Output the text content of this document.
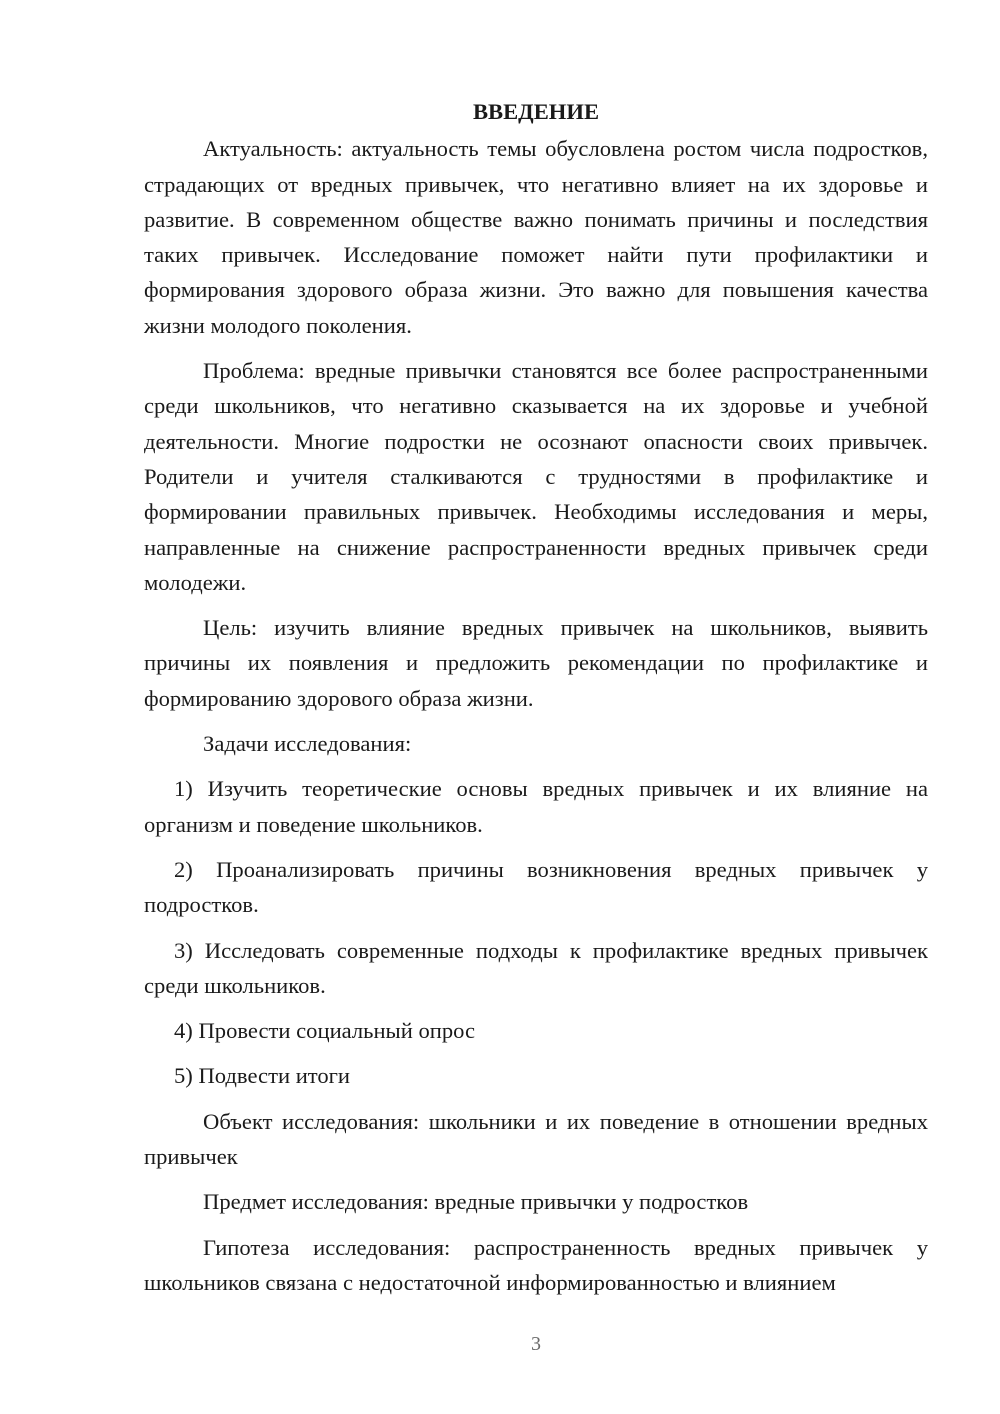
ВВЕДЕНИЕ

Актуальность: актуальность темы обусловлена ростом числа подростков, страдающих от вредных привычек, что негативно влияет на их здоровье и развитие. В современном обществе важно понимать причины и последствия таких привычек. Исследование поможет найти пути профилактики и формирования здорового образа жизни. Это важно для повышения качества жизни молодого поколения.

Проблема: вредные привычки становятся все более распространенными среди школьников, что негативно сказывается на их здоровье и учебной деятельности. Многие подростки не осознают опасности своих привычек. Родители и учителя сталкиваются с трудностями в профилактике и формировании правильных привычек. Необходимы исследования и меры, направленные на снижение распространенности вредных привычек среди молодежи.

Цель: изучить влияние вредных привычек на школьников, выявить причины их появления и предложить рекомендации по профилактике и формированию здорового образа жизни.

Задачи исследования:

1) Изучить теоретические основы вредных привычек и их влияние на организм и поведение школьников.

2) Проанализировать причины возникновения вредных привычек у подростков.

3) Исследовать современные подходы к профилактике вредных привычек среди школьников.

4) Провести социальный опрос

5) Подвести итоги

Объект исследования: школьники и их поведение в отношении вредных привычек

Предмет исследования: вредные привычки у подростков

Гипотеза исследования: распространенность вредных привычек у школьников связана с недостаточной информированностью и влиянием

3
